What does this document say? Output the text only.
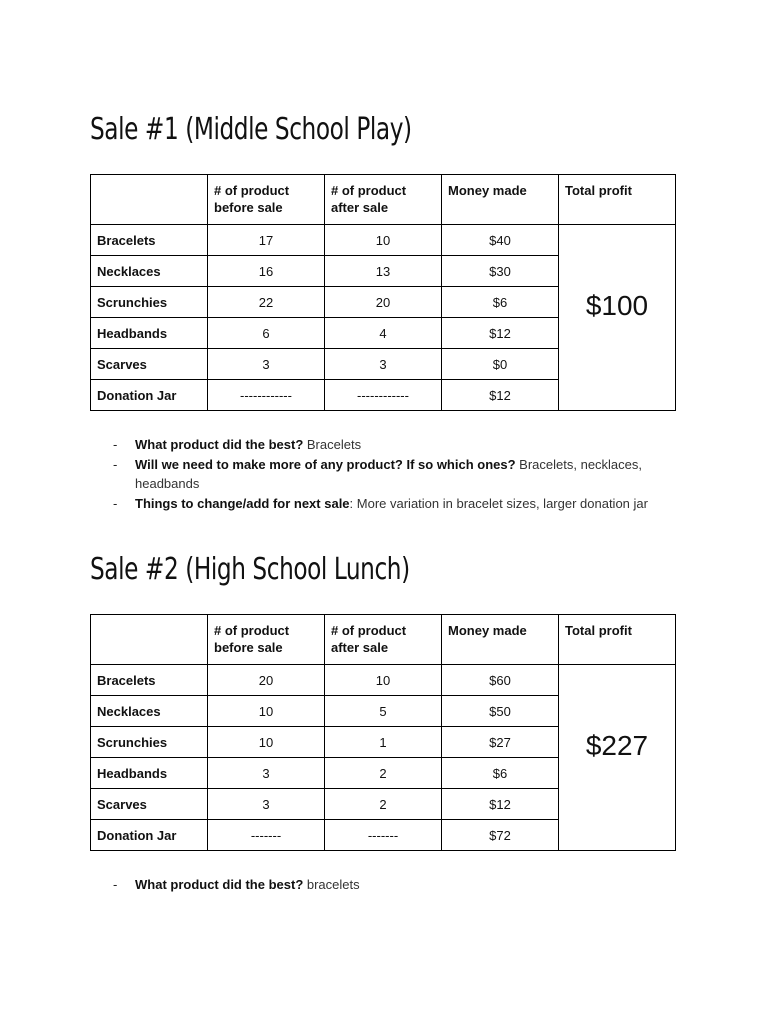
Sale #1 (Middle School Play)
	# of product before sale	# of product after sale	Money made	Total profit
Bracelets	17	10	$40	$100
Necklaces	16	13	$30	
Scrunchies	22	20	$6	
Headbands	6	4	$12	
Scarves	3	3	$0	
Donation Jar	------------	------------	$12	
- What product did the best? Bracelets
- Will we need to make more of any product? If so which ones? Bracelets, necklaces, headbands
- Things to change/add for next sale: More variation in bracelet sizes, larger donation jar
Sale #2 (High School Lunch)
	# of product before sale	# of product after sale	Money made	Total profit
Bracelets	20	10	$60	$227
Necklaces	10	5	$50	
Scrunchies	10	1	$27	
Headbands	3	2	$6	
Scarves	3	2	$12	
Donation Jar	-------	-------	$72	
- What product did the best? bracelets
